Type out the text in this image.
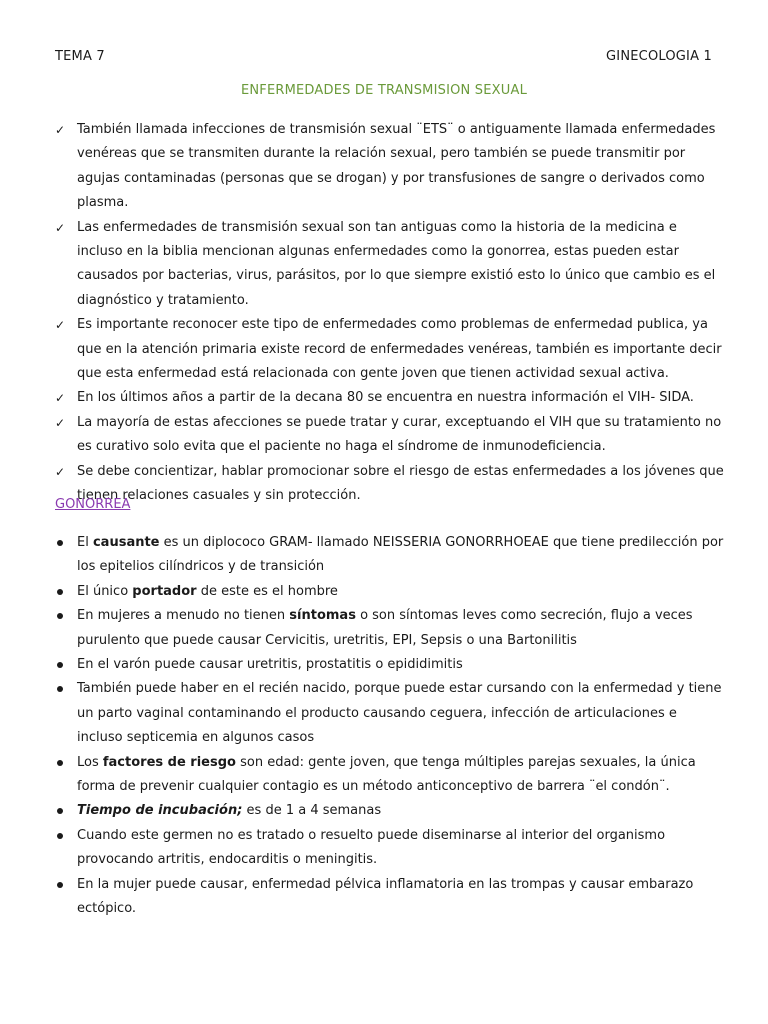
TEMA 7	GINECOLOGIA 1
ENFERMEDADES DE TRANSMISION SEXUAL
✓ También llamada infecciones de transmisión sexual ¨ETS¨ o antiguamente llamada enfermedades venéreas que se transmiten durante la relación sexual, pero también se puede transmitir por agujas contaminadas (personas que se drogan) y por transfusiones de sangre o derivados como plasma.
✓ Las enfermedades de transmisión sexual son tan antiguas como la historia de la medicina e incluso en la biblia mencionan algunas enfermedades como la gonorrea, estas pueden estar causados por bacterias, virus, parásitos, por lo que siempre existió esto lo único que cambio es el diagnóstico y tratamiento.
✓ Es importante reconocer este tipo de enfermedades como problemas de enfermedad publica, ya que en la atención primaria existe record de enfermedades venéreas, también es importante decir que esta enfermedad está relacionada con gente joven que tienen actividad sexual activa.
✓ En los últimos años a partir de la decana 80 se encuentra en nuestra información el VIH- SIDA.
✓ La mayoría de estas afecciones se puede tratar y curar, exceptuando el VIH que su tratamiento no es curativo solo evita que el paciente no haga el síndrome de inmunodeficiencia.
✓ Se debe concientizar, hablar promocionar sobre el riesgo de estas enfermedades a los jóvenes que tienen relaciones casuales y sin protección.
GONORREA
El causante es un diplococo GRAM- llamado NEISSERIA GONORRHOEAE que tiene predilección por los epitelios cilíndricos y de transición
El único portador de este es el hombre
En mujeres a menudo no tienen síntomas o son síntomas leves como secreción, flujo a veces purulento que puede causar Cervicitis, uretritis, EPI, Sepsis o una Bartonilitis
En el varón puede causar uretritis, prostatitis o epididimitis
También puede haber en el recién nacido, porque puede estar cursando con la enfermedad y tiene un parto vaginal contaminando el producto causando ceguera, infección de articulaciones e incluso septicemia en algunos casos
Los factores de riesgo son edad: gente joven, que tenga múltiples parejas sexuales, la única forma de prevenir cualquier contagio es un método anticonceptivo de barrera ¨el condón¨.
Tiempo de incubación; es de 1 a 4 semanas
Cuando este germen no es tratado o resuelto puede diseminarse al interior del organismo provocando artritis, endocarditis o meningitis.
En la mujer puede causar, enfermedad pélvica inflamatoria en las trompas y causar embarazo ectópico.
